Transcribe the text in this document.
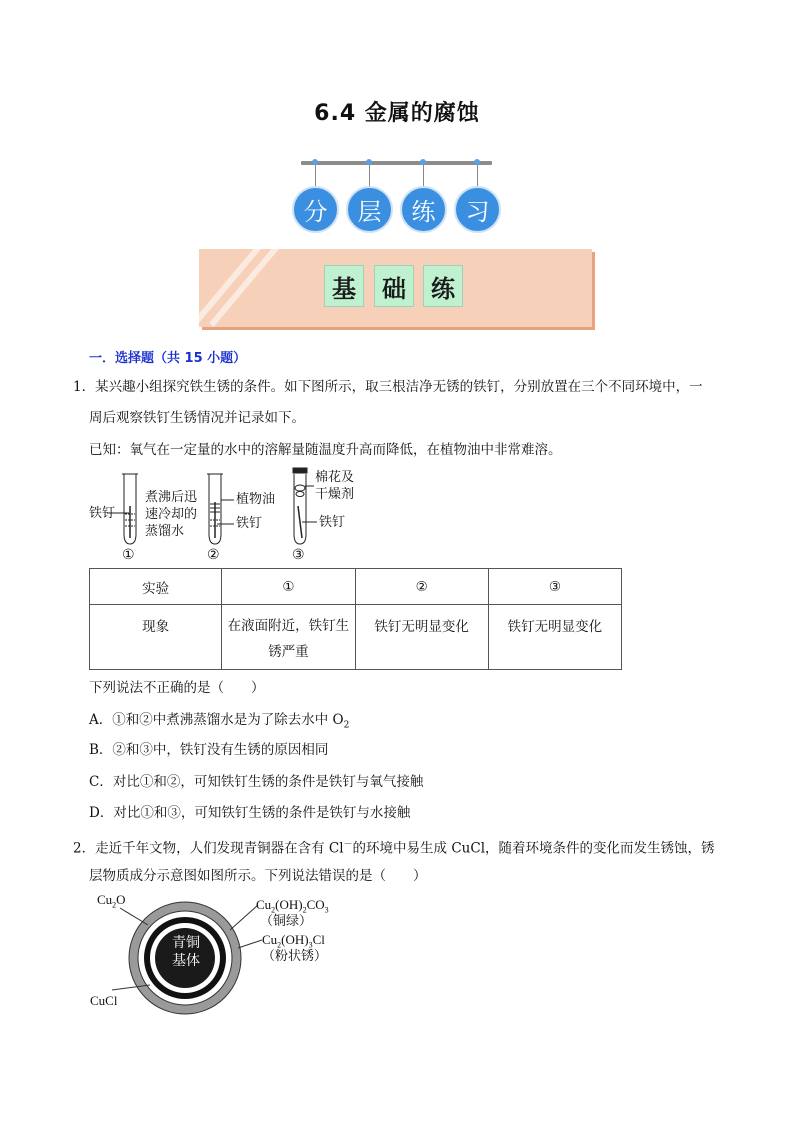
6.4 金属的腐蚀
分	层	练	习
基	础	练
一．选择题（共 15 小题）
1．某兴趣小组探究铁生锈的条件。如下图所示，取三根洁净无锈的铁钉，分别放置在三个不同环境中，一
周后观察铁钉生锈情况并记录如下。
已知：氧气在一定量的水中的溶解量随温度升高而降低，在植物油中非常难溶。
铁钉
煮沸后迅
速冷却的
蒸馏水
植物油
铁钉
棉花及
干燥剂
铁钉
①	②	③
实验	①	②	③
现象	在液面附近，铁钉生
锈严重	铁钉无明显变化	铁钉无明显变化
下列说法不正确的是（　　）
A．①和②中煮沸蒸馏水是为了除去水中 $O_2$
B．②和③中，铁钉没有生锈的原因相同
C．对比①和②，可知铁钉生锈的条件是铁钉与氧气接触
D．对比①和③，可知铁钉生锈的条件是铁钉与水接触
2．走近千年文物，人们发现青铜器在含有 Cl－的环境中易生成 CuCl，随着环境条件的变化而发生锈蚀，锈
层物质成分示意图如图所示。下列说法错误的是（　　）
$Cu_2O$
青铜
基体
CuCl
$Cu_2(OH)_2CO_3$
（铜绿）
$Cu_2(OH)_3Cl$
（粉状锈）
